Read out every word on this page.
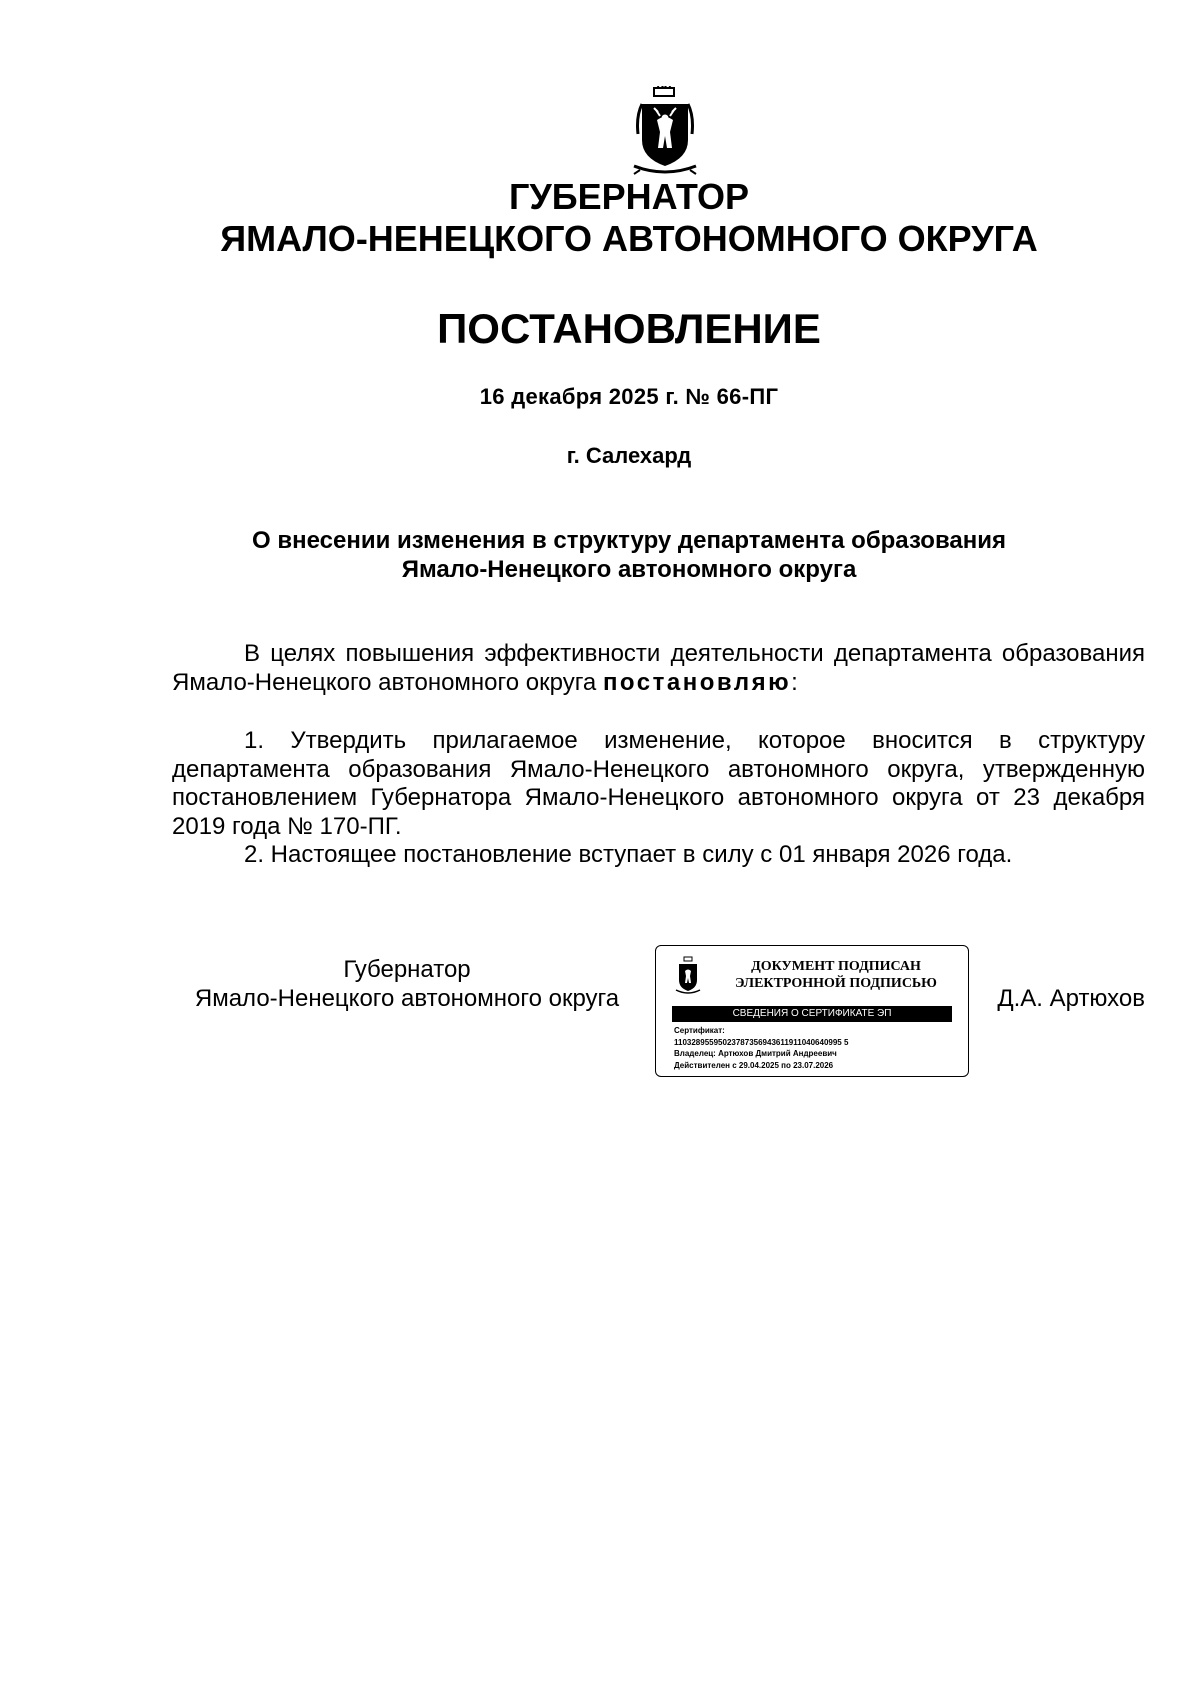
ГУБЕРНАТОР
ЯМАЛО-НЕНЕЦКОГО АВТОНОМНОГО ОКРУГА
ПОСТАНОВЛЕНИЕ
16 декабря 2025 г. № 66-ПГ
г. Салехард
О внесении изменения в структуру департамента образования
Ямало-Ненецкого автономного округа

В целях повышения эффективности деятельности департамента образования Ямало-Ненецкого автономного округа постановляю:

1. Утвердить прилагаемое изменение, которое вносится в структуру департамента образования Ямало-Ненецкого автономного округа, утвержденную постановлением Губернатора Ямало-Ненецкого автономного округа от 23 декабря 2019 года № 170-ПГ.

2. Настоящее постановление вступает в силу с 01 января 2026 года.

Губернатор
Ямало-Ненецкого автономного округа
ДОКУМЕНТ ПОДПИСАН
ЭЛЕКТРОННОЙ ПОДПИСЬЮ
СВЕДЕНИЯ О СЕРТИФИКАТЕ ЭП
Сертификат:
11032895595023787356943611911040640995 5
Владелец: Артюхов Дмитрий Андреевич
Действителен с 29.04.2025 по 23.07.2026
Д.А. Артюхов
